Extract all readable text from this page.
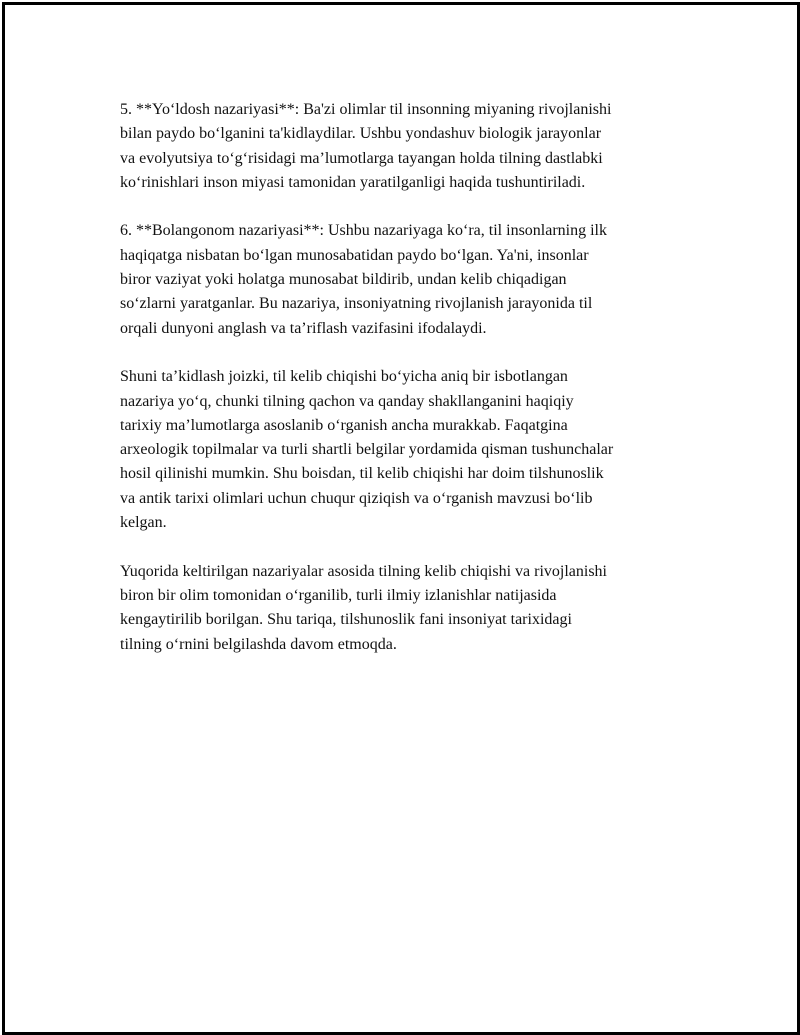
5. **Yo‘ldosh nazariyasi**: Ba'zi olimlar til insonning miyaning rivojlanishi
bilan paydo bo‘lganini ta'kidlaydilar. Ushbu yondashuv biologik jarayonlar
va evolyutsiya to‘g‘risidagi ma’lumotlarga tayangan holda tilning dastlabki
ko‘rinishlari inson miyasi tamonidan yaratilganligi haqida tushuntiriladi.

6. **Bolangonom nazariyasi**: Ushbu nazariyaga ko‘ra, til insonlarning ilk
haqiqatga nisbatan bo‘lgan munosabatidan paydo bo‘lgan. Ya'ni, insonlar
biror vaziyat yoki holatga munosabat bildirib, undan kelib chiqadigan
so‘zlarni yaratganlar. Bu nazariya, insoniyatning rivojlanish jarayonida til
orqali dunyoni anglash va ta’riflash vazifasini ifodalaydi.

Shuni ta’kidlash joizki, til kelib chiqishi bo‘yicha aniq bir isbotlangan
nazariya yo‘q, chunki tilning qachon va qanday shakllanganini haqiqiy
tarixiy ma’lumotlarga asoslanib o‘rganish ancha murakkab. Faqatgina
arxeologik topilmalar va turli shartli belgilar yordamida qisman tushunchalar
hosil qilinishi mumkin. Shu boisdan, til kelib chiqishi har doim tilshunoslik
va antik tarixi olimlari uchun chuqur qiziqish va o‘rganish mavzusi bo‘lib
kelgan.

Yuqorida keltirilgan nazariyalar asosida tilning kelib chiqishi va rivojlanishi
biron bir olim tomonidan o‘rganilib, turli ilmiy izlanishlar natijasida
kengaytirilib borilgan. Shu tariqa, tilshunoslik fani insoniyat tarixidagi
tilning o‘rnini belgilashda davom etmoqda.
